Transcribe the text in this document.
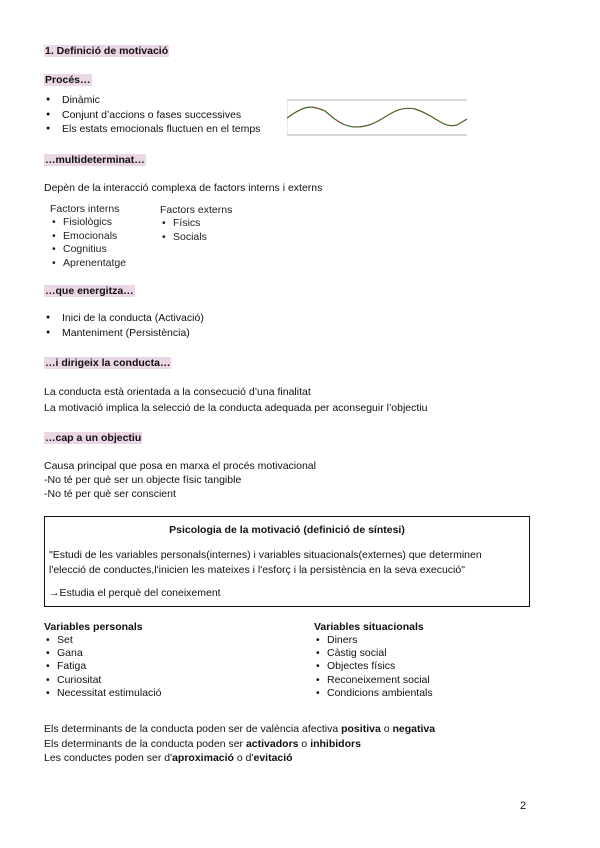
1. Definició de motivació
Procés…
● Dinàmic
● Conjunt d’accions o fases successives
● Els estats emocionals fluctuen en el temps
…multideterminat…
Depèn de la interacció complexa de factors interns i externs
Factors interns
• Fisiològics
• Emocionals
• Cognitius
• Aprenentatge
Factors externs
• Físics
• Socials
…que energitza…
● Inici de la conducta (Activació)
● Manteniment (Persistència)
…i dirigeix la conducta…
La conducta està orientada a la consecució d’una finalitat
La motivació implica la selecció de la conducta adequada per aconseguir l’objectiu
…cap a un objectiu
Causa principal que posa en marxa el procés motivacional
-No té per què ser un objecte físic tangible
-No té per què ser conscient
Psicologia de la motivació (definició de síntesi)
"Estudi de les variables personals(internes) i variables situacionals(externes) que determinen
l'elecció de conductes,l'inicien les mateixes i l'esforç i la persistència en la seva execució"
→Estudia el perquè del coneixement
Variables personals
• Set
• Gana
• Fatiga
• Curiositat
• Necessitat estimulació
Variables situacionals
• Diners
• Càstig social
• Objectes físics
• Reconeixement social
• Condicions ambientals
Els determinants de la conducta poden ser de valència afectiva positiva o negativa
Els determinants de la conducta poden ser activadors o inhibidors
Les conductes poden ser d'aproximació o d'evitació
2
